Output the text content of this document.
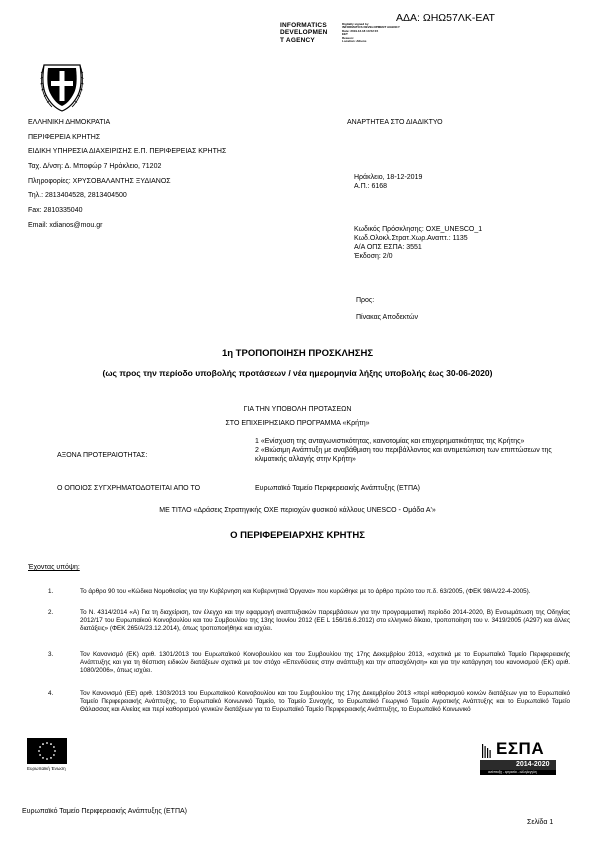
ΑΔΑ: ΩΗΩ57ΛΚ-ΕΑΤ
INFORMATICS
DEVELOPMEN
T AGENCY
Digitally signed by
INFORMATICS DEVELOPMENT AGENCY
Date: 2019.12.18 13:52:15
EET
Reason:
Location: Athens
ΕΛΛΗΝΙΚΗ ΔΗΜΟΚΡΑΤΙΑ
ΠΕΡΙΦΕΡΕΙΑ ΚΡΗΤΗΣ
ΕΙΔΙΚΗ ΥΠΗΡΕΣΙΑ ΔΙΑΧΕΙΡΙΣΗΣ Ε.Π. ΠΕΡΙΦΕΡΕΙΑΣ ΚΡΗΤΗΣ
Ταχ. Δ/νση: Δ. Μποφώρ 7 Ηράκλειο, 71202
Πληροφορίες: ΧΡΥΣΟΒΑΛΑΝΤΗΣ ΞΥΔΙΑΝΟΣ
Τηλ.: 2813404528, 2813404500
Fax: 2810335040
Email: xdianos@mou.gr
ΑΝΑΡΤΗΤΕΑ ΣΤΟ ΔΙΑΔΙΚΤΥΟ
Ηράκλειο, 18-12-2019
Α.Π.: 6168
Κωδικός Πρόσκλησης: ΟΧΕ_UNESCO_1
Κωδ.Ολοκλ.Στρατ.Χωρ.Αναπτ.: 1135
Α/Α ΟΠΣ ΕΣΠΑ: 3551
Έκδοση: 2/0
Προς:
Πίνακας Αποδεκτών
1η ΤΡΟΠΟΠΟΙΗΣΗ ΠΡΟΣΚΛΗΣΗΣ
(ως προς την περίοδο υποβολής προτάσεων / νέα ημερομηνία λήξης υποβολής έως 30-06-2020)
ΓΙΑ ΤΗΝ ΥΠΟΒΟΛΗ ΠΡΟΤΑΣΕΩΝ
ΣΤΟ ΕΠΙΧΕΙΡΗΣΙΑΚΟ ΠΡΟΓΡΑΜΜΑ «Κρήτη»
ΑΞΟΝΑ ΠΡΟΤΕΡΑΙΟΤΗΤΑΣ:
1 «Ενίσχυση της ανταγωνιστικότητας, καινοτομίας και επιχειρηματικότητας της Κρήτης»
2 «Βιώσιμη Ανάπτυξη με αναβάθμιση του περιβάλλοντος και αντιμετώπιση των επιπτώσεων της κλιματικής αλλαγής στην Κρήτη»
Ο ΟΠΟΙΟΣ ΣΥΓΧΡΗΜΑΤΟΔΟΤΕΙΤΑΙ ΑΠΟ ΤΟ	Ευρωπαϊκό Ταμείο Περιφερειακής Ανάπτυξης (ΕΤΠΑ)
ΜΕ ΤΙΤΛΟ «Δράσεις Στρατηγικής ΟΧΕ περιοχών φυσικού κάλλους UNESCO - Ομάδα Α'»
Ο ΠΕΡΙΦΕΡΕΙΑΡΧΗΣ ΚΡΗΤΗΣ
Έχοντας υπόψη:
1.	Το άρθρο 90 του «Κώδικα Νομοθεσίας για την Κυβέρνηση και Κυβερνητικά Όργανα» που κυρώθηκε με το άρθρο πρώτο του π.δ. 63/2005, (ΦΕΚ 98/Α/22-4-2005).
2.	Το Ν. 4314/2014 «Α) Για τη διαχείριση, τον έλεγχο και την εφαρμογή αναπτυξιακών παρεμβάσεων για την προγραμματική περίοδο 2014-2020, Β) Ενσωμάτωση της Οδηγίας 2012/17 του Ευρωπαϊκού Κοινοβουλίου και του Συμβουλίου της 13ης Ιουνίου 2012 (ΕΕ L 156/16.6.2012) στο ελληνικό δίκαιο, τροποποίηση του ν. 3419/2005 (Α297) και άλλες διατάξεις» (ΦΕΚ 265/Α/23.12.2014), όπως τροποποιήθηκε και ισχύει.
3.	Τον Κανονισμό (ΕΚ) αριθ. 1301/2013 του Ευρωπαϊκού Κοινοβουλίου και του Συμβουλίου της 17ης Δεκεμβρίου 2013, «σχετικά με το Ευρωπαϊκό Ταμείο Περιφερειακής Ανάπτυξης και για τη θέσπιση ειδικών διατάξεων σχετικά με τον στόχο «Επενδύσεις στην ανάπτυξη και την απασχόληση» και για την κατάργηση του κανονισμού (ΕΚ) αριθ. 1080/2006», όπως ισχύει.
4.	Τον Κανονισμό (ΕΕ) αριθ. 1303/2013 του Ευρωπαϊκού Κοινοβουλίου και του Συμβουλίου της 17ης Δεκεμβρίου 2013 «περί καθορισμού κοινών διατάξεων για το Ευρωπαϊκό Ταμείο Περιφερειακής Ανάπτυξης, το Ευρωπαϊκό Κοινωνικό Ταμείο, το Ταμείο Συνοχής, το Ευρωπαϊκό Γεωργικό Ταμείο Αγροτικής Ανάπτυξης και το Ευρωπαϊκό Ταμείο Θάλασσας και Αλιείας και περί καθορισμού γενικών διατάξεων για το Ευρωπαϊκό Ταμείο Περιφερειακής Ανάπτυξης, το Ευρωπαϊκό Κοινωνικό
Ευρωπαϊκή Ένωση
ΕΣΠΑ
2014-2020
ανάπτυξη - εργασία - αλληλεγγύη
Ευρωπαϊκό Ταμείο Περιφερειακής Ανάπτυξης (ΕΤΠΑ)
Σελίδα 1
